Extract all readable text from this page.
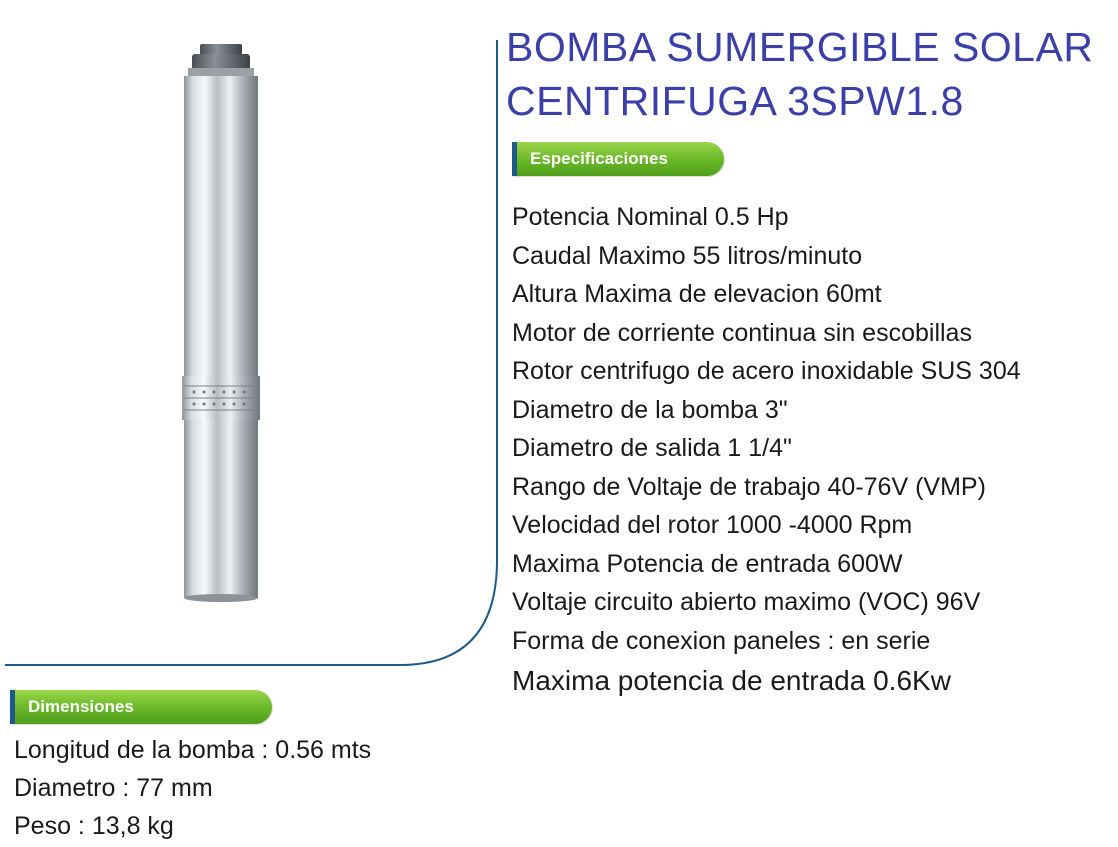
BOMBA SUMERGIBLE SOLAR
CENTRIFUGA 3SPW1.8
Especificaciones
Potencia Nominal 0.5 Hp
Caudal Maximo 55 litros/minuto
Altura Maxima de elevacion 60mt
Motor de corriente continua sin escobillas
Rotor centrifugo de acero inoxidable SUS 304
Diametro de la bomba 3"
Diametro de salida 1 1/4"
Rango de Voltaje de trabajo 40-76V (VMP)
Velocidad del rotor 1000 -4000 Rpm
Maxima Potencia de entrada 600W
Voltaje circuito abierto maximo (VOC) 96V
Forma de conexion paneles : en serie
Maxima potencia de entrada 0.6Kw
Dimensiones
Longitud de la bomba : 0.56 mts
Diametro : 77 mm
Peso : 13,8 kg
